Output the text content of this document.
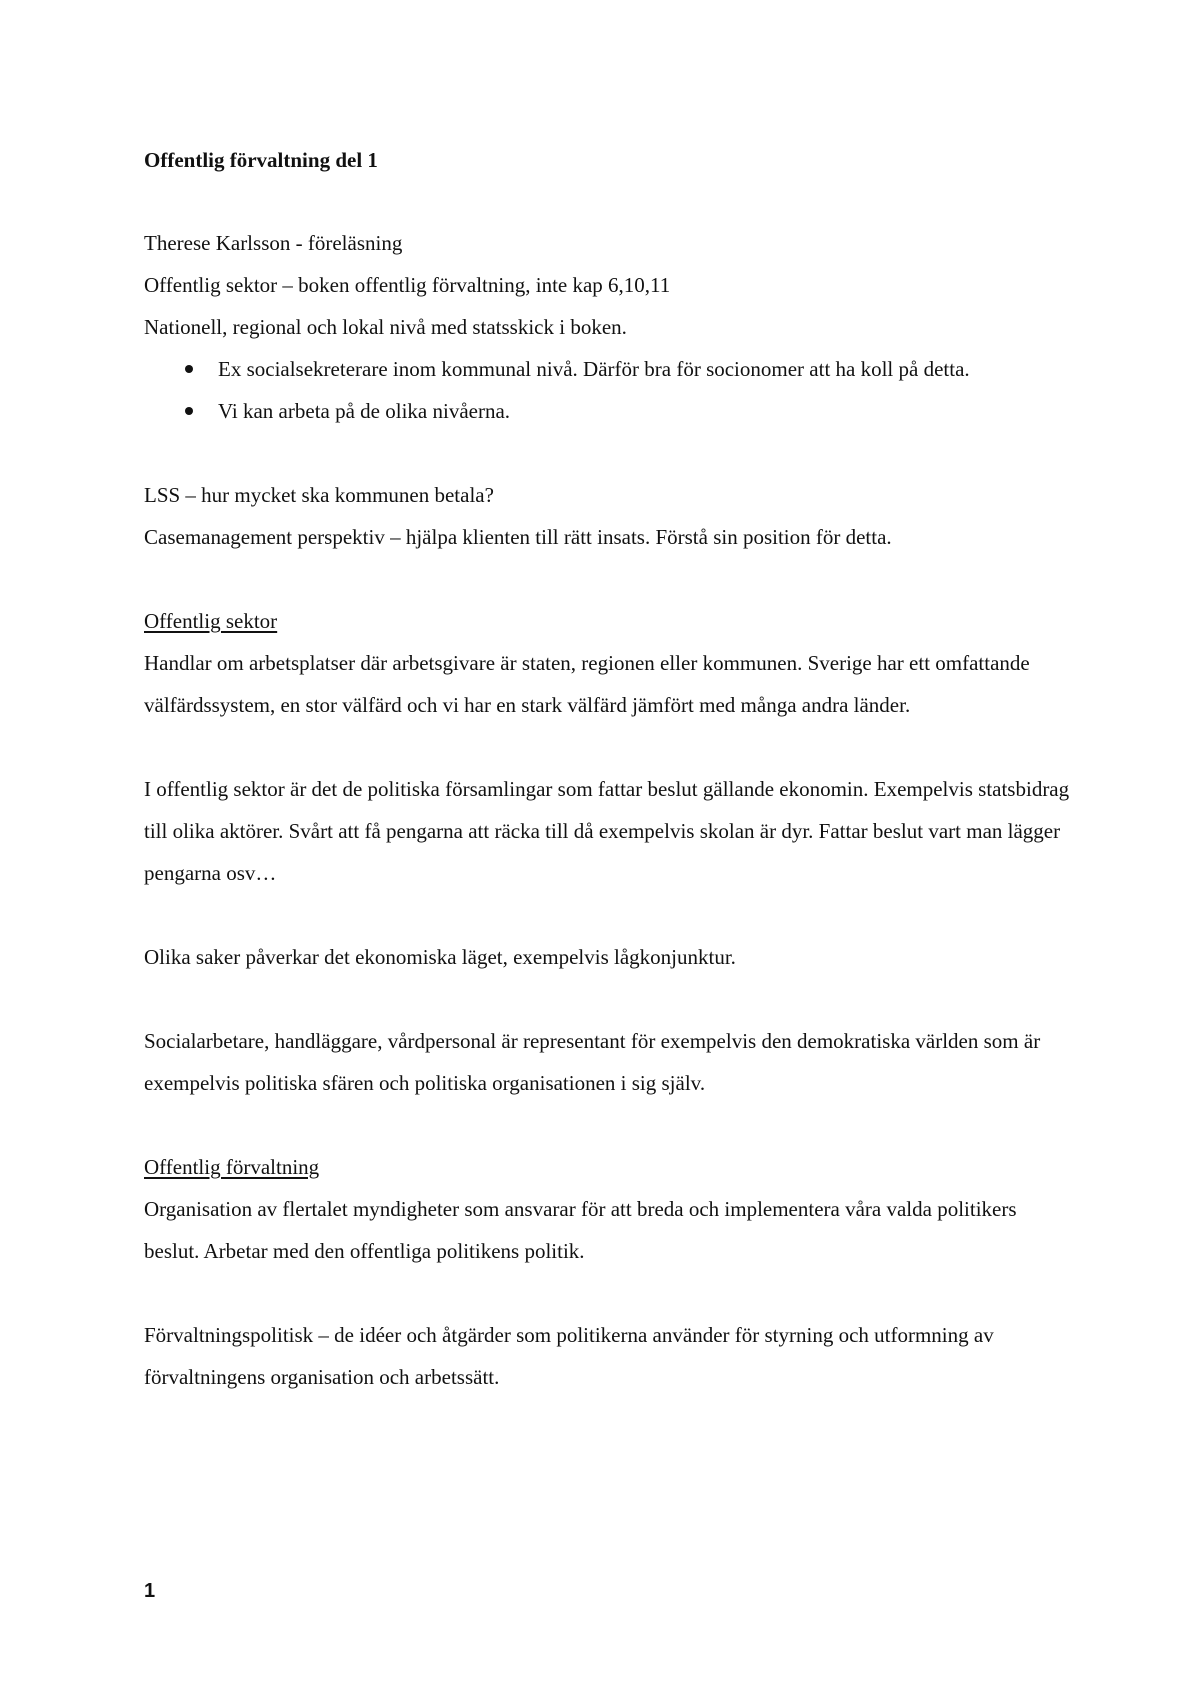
Offentlig förvaltning del 1

Therese Karlsson - föreläsning

Offentlig sektor – boken offentlig förvaltning, inte kap 6,10,11

Nationell, regional och lokal nivå med statsskick i boken.

Ex socialsekreterare inom kommunal nivå. Därför bra för socionomer att ha koll på detta.
Vi kan arbeta på de olika nivåerna.

LSS – hur mycket ska kommunen betala?

Casemanagement perspektiv – hjälpa klienten till rätt insats. Förstå sin position för detta.

Offentlig sektor

Handlar om arbetsplatser där arbetsgivare är staten, regionen eller kommunen. Sverige har ett omfattande välfärdssystem, en stor välfärd och vi har en stark välfärd jämfört med många andra länder.

I offentlig sektor är det de politiska församlingar som fattar beslut gällande ekonomin. Exempelvis statsbidrag till olika aktörer. Svårt att få pengarna att räcka till då exempelvis skolan är dyr. Fattar beslut vart man lägger pengarna osv…

Olika saker påverkar det ekonomiska läget, exempelvis lågkonjunktur.

Socialarbetare, handläggare, vårdpersonal är representant för exempelvis den demokratiska världen som är exempelvis politiska sfären och politiska organisationen i sig själv.

Offentlig förvaltning

Organisation av flertalet myndigheter som ansvarar för att breda och implementera våra valda politikers beslut. Arbetar med den offentliga politikens politik.

Förvaltningspolitisk – de idéer och åtgärder som politikerna använder för styrning och utformning av förvaltningens organisation och arbetssätt.

1
